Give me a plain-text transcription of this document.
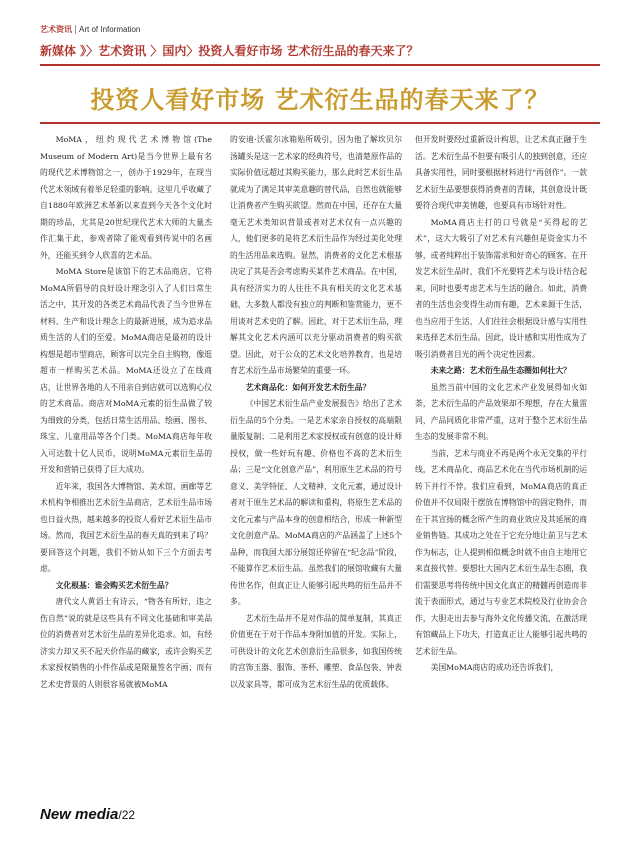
艺术资讯 Art of Information
新媒体 》〉艺术资讯 〉国内〉投资人看好市场 艺术衍生品的春天来了？
投资人看好市场 艺术衍生品的春天来了？

MoMA，纽约现代艺术博物馆(The Museum of Modern Art)是当今世界上最有名的现代艺术博物馆之一，创办于1929年，在现当代艺术领域有着举足轻重的影响。这里几乎收藏了自1880年欧洲艺术革新以来直到今天各个文化时期的珍品，尤其是20世纪现代艺术大师的大量杰作汇集于此，参观者除了能观看到传说中的名画外，还能买到令人欣喜的艺术品。

MoMA Store是该馆下的艺术品商店，它将MoMA所倡导的良好设计理念引入了人们日常生活之中，其开发的各类艺术商品代表了当今世界在材料、生产和设计理念上的最新进展，成为追求品质生活的人们的至爱。MoMA商店是最初的设计构想是超市型商店，顾客可以完全自主购物，像逛超市一样购买艺术品。MoMA还设立了在线商店，让世界各地的人不用亲自到店就可以选购心仪的艺术商品。商店对MoMA元素的衍生品做了较为细致的分类，包括日常生活用品、绘画、图书、珠宝、儿童用品等各个门类。MoMA商店每年收入可达数十亿人民币，说明MoMA元素衍生品的开发和营销已获得了巨大成功。

近年来，我国各大博物馆、美术馆、画廊等艺术机构争相推出艺术衍生品商店，艺术衍生品市场也日益火热，越来越多的投资人看好艺术衍生品市场。然而，我国艺术衍生品的春天真的到来了吗？要回答这个问题，我们不妨从如下三个方面去考虑。

文化根基：谁会购买艺术衍生品？

唐代文人黄滔士有诗云，“物各有所好，违之伤自然”说的就是这些具有不同文化基础和审美品位的消费者对艺术衍生品的差异化追求。如，有经济实力却又买不起天价作品的藏家，或许会购买艺术家授权销售的小件作品或是限量签名字画；而有艺术史背景的人则很容易就被MoMA

的安迪·沃霍尔冰箱贴所吸引，因为他了解坎贝尔汤罐头是这一艺术家的经典符号，也清楚原作品的实际价值远超过其购买能力，那么此时艺术衍生品就成为了满足其审美意趣的替代品，自然也就能够让消费者产生购买欲望。然而在中国，还存在大量毫无艺术类知识背景或者对艺术仅有一点兴趣的人，他们更多的是将艺术衍生品作为经过美化处理的生活用品来选购。显然，消费者的文化艺术根基决定了其是否会考虑购买某件艺术商品。在中国，具有经济实力的人往往不具有相关的文化艺术基础，大多数人都没有独立的判断和鉴赏能力，更不用谈对艺术史的了解。因此，对于艺术衍生品，理解其文化艺术内涵可以充分驱动消费者的购买欲望。因此，对于公众的艺术文化培养教育，也是培育艺术衍生品市场繁荣的重要一环。

艺术商品化：如何开发艺术衍生品？

《中国艺术衍生品产业发展报告》给出了艺术衍生品的5个分类。一是艺术家亲自授权的高端限量版复制；二是利用艺术家授权或有创意的设计师授权，做一些好玩有趣、价格也不高的艺术衍生品；三是“文化创意产品”，利用原生艺术品的符号意义、美学特征、人文精神、文化元素，通过设计者对于原生艺术品的解读和重构，将原生艺术品的文化元素与产品本身的创意相结合，形成一种新型文化创意产品。MoMA商店的产品涵盖了上述5个品种，而我国大部分展馆还停留在“纪念品”阶段，不能算作艺术衍生品。虽然我们的展馆收藏有大量传世名作，但真正让人能够引起共鸣的衍生品并不多。

艺术衍生品并不是对作品的简单复制，其真正价值更在于对于作品本身附加值的开发。实际上，可供设计的文化艺术创意衍生品很多，如我国传统的宫饰玉器、服饰、茶杯、雕塑、食品包装、钟表以及家具等，都可成为艺术衍生品的优质载体。

但开发时要经过重新设计构思，让艺术真正融于生活。艺术衍生品不但要有吸引人的独到创意，还应具备实用性，同时要根据材料进行“再创作”。一款艺术衍生品要想获得消费者的青睐，其创意设计既要符合现代审美情趣，也要具有市场针对性。

MoMA商店主打的口号就是“买得起的艺术”，这大大吸引了对艺术有兴趣但是资金实力不够，或者纯粹出于装饰需求和好奇心的顾客。在开发艺术衍生品时，我们不光要将艺术与设计结合起来，同时也要考虑艺术与生活的融合。如此，消费者的生活也会变得生动而有趣，艺术来源于生活，也当应用于生活，人们往往会根据设计感与实用性来选择艺术衍生品。因此，设计感和实用性成为了吸引消费者目光的两个决定性因素。

未来之路：艺术衍生品生态圈如何壮大？

虽然当前中国的文化艺术产业发展得如火如荼，艺术衍生品的产品效果却不理想，存在大量雷同，产品同质化非常严重，这对于整个艺术衍生品生态的发展非常不利。

当前，艺术与商业不再是两个永无交集的平行线，艺术商品化、商品艺术化在当代市场机制的运转下并行不悖。我们应看到，MoMA商店的真正价值并不仅局限于摆放在博物馆中的固定物件，而在于其宣扬的概念所产生的商业效应及其延展的商业销售链。其成功之处在于它充分地让前卫与艺术作为标志，让人提到相似概念时就不由自主地用它来直接代替。要想壮大国内艺术衍生品生态圈，我们需要思考将传统中国文化真正的精髓再创造而非流于表面形式，通过与专业艺术院校及行业协会合作，大胆走出去参与海外文化传播交流，在激活现有馆藏品上下功夫，打造真正让人能够引起共鸣的艺术衍生品。

美国MoMA商店的成功还告诉我们，

New media/22
